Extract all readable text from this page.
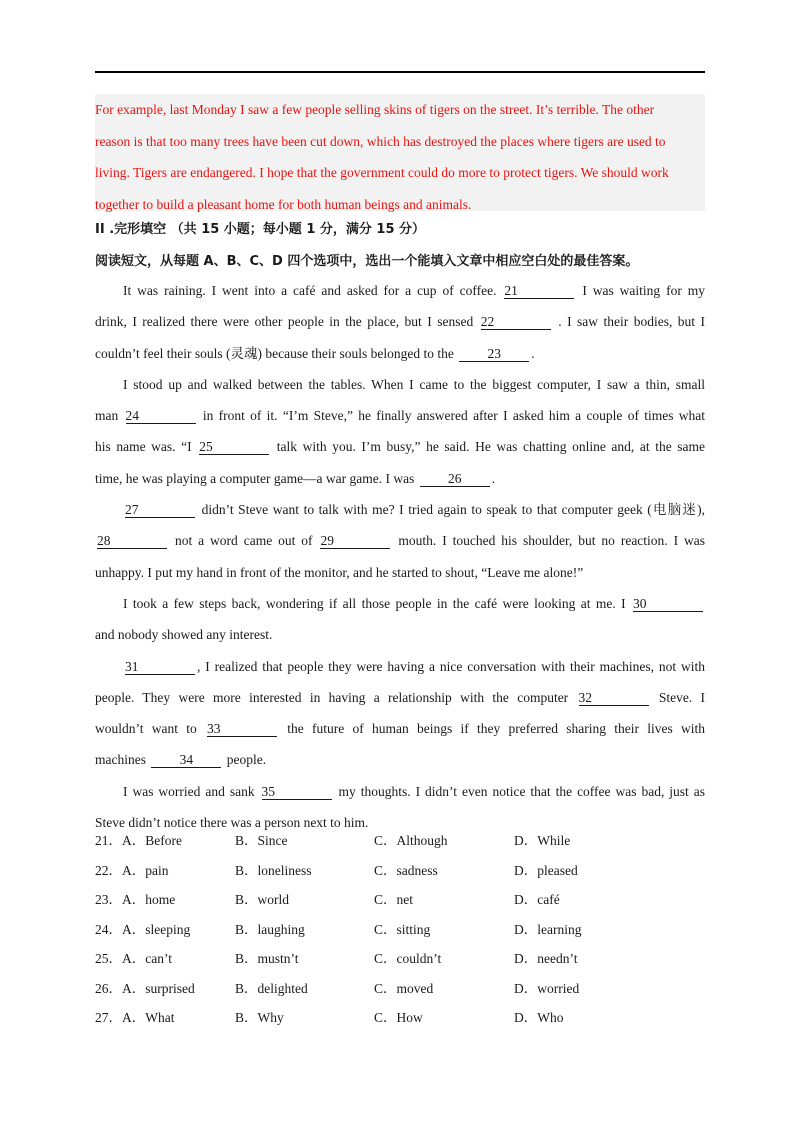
For example, last Monday I saw a few people selling skins of tigers on the street. It’s terrible. The other

reason is that too many trees have been cut down, which has destroyed the places where tigers are used to

living. Tigers are endangered. I hope that the government could do more to protect tigers. We should work

together to build a pleasant home for both human beings and animals.

II .完形填空 （共 15 小题；每小题 1 分，满分 15 分）
阅读短文，从每题 A、B、C、D 四个选项中，选出一个能填入文章中相应空白处的最佳答案。
It was raining. I went into a café and asked for a cup of coffee. 21	I was waiting for my
drink, I realized there were other people in the place, but I sensed 22	. I saw their bodies, but I
couldn’t feel their souls (灵魂) because their souls belonged to the 23 .
I stood up and walked between the tables. When I came to the biggest computer, I saw a thin, small
man 24	in front of it. “I’m Steve,” he finally answered after I asked him a couple of times what
his name was. “I 25	talk with you. I’m busy,” he said. He was chatting online and, at the same
time, he was playing a computer game—a war game. I was 26 .
27	didn’t Steve want to talk with me? I tried again to speak to that computer geek (电脑迷),
28	not a word came out of 29	mouth. I touched his shoulder, but no reaction. I was
unhappy. I put my hand in front of the monitor, and he started to shout, “Leave me alone!”
I took a few steps back, wondering if all those people in the café were looking at me. I 30
and nobody showed any interest.
31	, I realized that people they were having a nice conversation with their machines, not with
people. They were more interested in having a relationship with the computer 32	Steve. I
wouldn’t want to 33	the future of human beings if they preferred sharing their lives with
machines 34 people.
I was worried and sank 35	my thoughts. I didn’t even notice that the coffee was bad, just as
Steve didn’t notice there was a person next to him.
21．A．Before	B．Since	C．Although	D．While
22．A．pain	B．loneliness	C．sadness	D．pleased
23．A．home	B．world	C．net	D．café
24．A．sleeping	B．laughing	C．sitting	D．learning
25．A．can’t	B．mustn’t	C．couldn’t	D．needn’t
26．A．surprised	B．delighted	C．moved	D．worried
27．A．What	B．Why	C．How	D．Who
